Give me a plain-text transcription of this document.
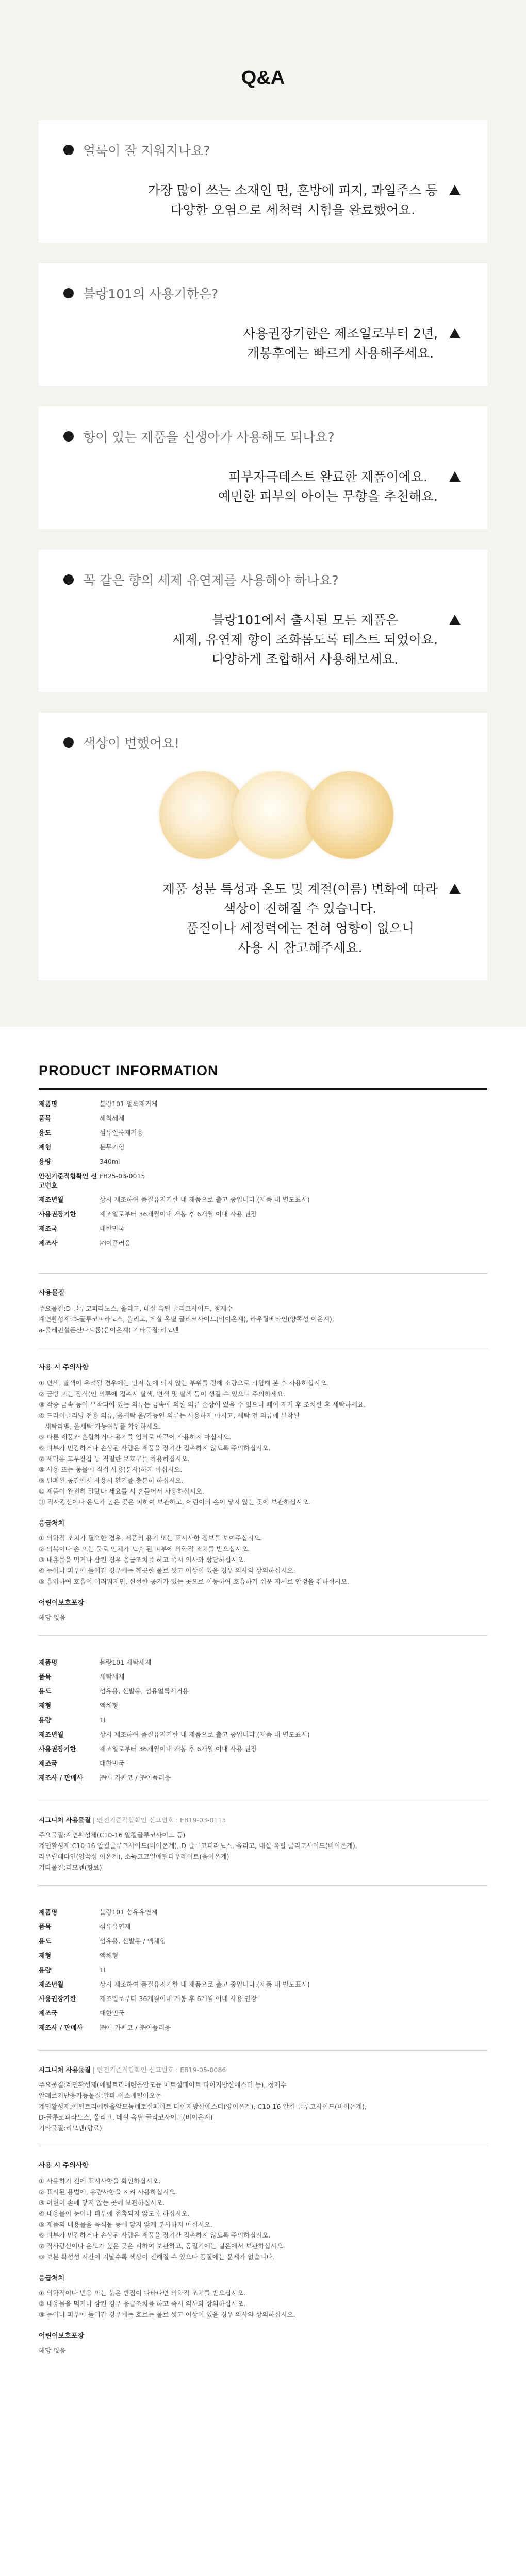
Q&A
얼룩이 잘 지워지나요?
가장 많이 쓰는 소재인 면, 혼방에 피지, 과일주스 등
다양한 오염으로 세척력 시험을 완료했어요.
블랑101의 사용기한은?
사용권장기한은 제조일로부터 2년,
개봉후에는 빠르게 사용해주세요.
향이 있는 제품을 신생아가 사용해도 되나요?
피부자극테스트 완료한 제품이에요.
예민한 피부의 아이는 무향을 추천해요.
꼭 같은 향의 세제 유연제를 사용해야 하나요?
블랑101에서 출시된 모든 제품은
세제, 유연제 향이 조화롭도록 테스트 되었어요.
다양하게 조합해서 사용해보세요.
색상이 변했어요!
제품 성분 특성과 온도 및 계절(여름) 변화에 따라
색상이 진해질 수 있습니다.
품질이나 세정력에는 전혀 영향이 없으니
사용 시 참고해주세요.
PRODUCT INFORMATION
제품명	블랑101 얼룩제거제
품목	세척세제
용도	섬유얼룩제거용
제형	분무기형
용량	340ml
안전기준적합확인 신고번호	FB25-03-0015
제조년월	상시 제조하여 품질유지기한 내 제품으로 출고 중입니다.(제품 내 별도표시)
사용권장기한	제조일로부터 36개월이내 개봉 후 6개월 이내 사용 권장
제조국	대한민국
제조사	㈜이플러응
사용물질

주요물질:D-글루코피라노스, 올리고, 데실 옥틸 글리코사이드, 정제수

계면활성제:D-글루코피라노스, 올리고, 데실 옥틸 글리코사이드(비이온계), 라우릴베타인(양쪽성 이온계),

a-올레핀설폰산나트륨(음이온계) 기타물질:리모넨

사용 시 주의사항
① 변색, 탈색이 우려될 경우에는 먼저 눈에 띄지 않는 부위를 정해 소량으로 시험해 본 후 사용하십시오.
② 금방 또는 장식(인 의류에 접촉시 탈색, 변색 및 탈색 등이 생길 수 있으니 주의하세요.
③ 각종 금속 등이 부착되어 있는 의류는 금속에 의한 의류 손상이 있을 수 있으니 떼어 제거 후 조치한 후 세탁하세요.
④ 드라이클리닝 전용 의류, 울세탁 울/가능인 의류는 사용하지 마시고, 세탁 전 의류에 부착된
세탁라벨, 울세탁 가능여부를 확인하세요.
⑤ 다른 제품과 혼합하거나 용기를 임의로 바꾸어 사용하지 마십시오.
⑥ 피부가 민감하거나 손상된 사람은 제품을 장기간 접촉하지 않도록 주의하십시오.
⑦ 세탁용 고무장갑 등 적절한 보호구를 착용하십시오.
⑧ 사용 또는 동물에 직접 사용(분사)하지 마십시오.
⑨ 밀폐된 공간에서 사용시 환기를 충분히 하십시오.
⑩ 제품이 완전히 말랐다 세요를 시 흔들어서 사용하십시오.
⑪ 직사광선이나 온도가 높은 곳은 피하여 보관하고, 어린이의 손이 닿지 않는 곳에 보관하십시오.
응급처치
① 의학적 조치가 필요한 경우, 제품의 용기 또는 표시사항 정보를 보여주십시오.
② 의복이나 손 또는 물로 인체가 노출 된 피부에 의학적 조치를 받으십시오.
③ 내용물을 먹거나 삼킨 경우 응급조치를 하고 즉시 의사와 상담하십시오.
④ 눈이나 피부에 들어간 경우에는 깨끗한 물로 씻고 이상이 있을 경우 의사와 상의하십시오.
⑤ 흡입하여 호흡이 어려워지면, 신선한 공기가 있는 곳으로 이동하여 호흡하기 쉬운 자세로 안정을 취하십시오.
어린이보호포장

해당 없음

제품명	블랑101 세탁세제
품목	세탁세제
용도	섬유용, 신발용, 섬유얼룩제거용
제형	액체형
용량	1L
제조년월	상시 제조하여 품질유지기한 내 제품으로 출고 중입니다.(제품 내 별도표시)
사용권장기한	제조일로부터 36개월이내 개봉 후 6개월 이내 사용 권장
제조국	대한민국
제조사 / 판매사	㈜에-가쎄코 / ㈜이플러응

시그니처 사용물질 | 안전기준적합확인 신고번호 : EB19-03-0113

주요물질:계면활성제(C10-16 알킬글루코사이드 등)

계면활성제:C10-16 알킬글루코사이드(비이온계), D-글루코피라노스, 올리고, 데실 옥틸 글리코사이드(비이온계),

라우릴베타인(양쪽성 이온계), 소듐코코일메틸타우레이트(음이온계)

기타물질:리모넨(향료)

제품명	블랑101 섬유유연제
품목	섬유유연제
용도	섬유용, 신발용 / 액체형
제형	액체형
용량	1L
제조년월	상시 제조하여 품질유지기한 내 제품으로 출고 중입니다.(제품 내 별도표시)
사용권장기한	제조일로부터 36개월이내 개봉 후 6개월 이내 사용 권장
제조국	대한민국
제조사 / 판매사	㈜에-가쎄코 / ㈜이플러응

시그니처 사용물질 | 안전기준적합확인 신고번호 : EB19-05-0086

주요물질:계면활성제(에틸트리에탄올암모늄 메토설페이트 다이지방산에스터 등), 정제수

알레르기반응가능물질:알파-이소메틸이오논

계면활성제:에틸트리에탄올암모늄메토설페이트 다이지방산에스터(양이온계), C10-16 알킬 글루코사이드(비이온계),

D-글루코피라노스, 올리고, 데실 옥틸 글리코사이드(비이온계)

기타물질:리모넨(향료)

사용 시 주의사항
① 사용하기 전에 표시사항을 확인하십시오.
② 표시된 용법에, 용량사항을 지켜 사용하십시오.
③ 어린이 손에 닿지 않는 곳에 보관하십시오.
④ 내용물이 눈이나 피부에 접촉되지 않도록 하십시오.
⑤ 제품의 내용물을 음식물 등에 닿지 않게 분사하지 마십시오.
⑥ 피부가 민감하거나 손상된 사람은 제품을 장기간 접촉하지 않도록 주의하십시오.
⑦ 직사광선이나 온도가 높은 곳은 피하여 보관하고, 동절기에는 실온에서 보관하십시오.
⑧ 보본 확성성 시간이 지날수록 색상이 진해질 수 있으나 품질에는 문제가 없습니다.
응급처치
① 의학적이나 빈응 또는 붉은 반점이 나타나면 의학적 조치를 받으십시오.
② 내용물을 먹거나 삼킨 경우 응급조치를 하고 즉시 의사와 상의하십시오.
③ 눈이나 피부에 들어간 경우에는 흐르는 물로 씻고 이상이 있을 경우 의사와 상의하십시오.
어린이보호포장

해당 없음
